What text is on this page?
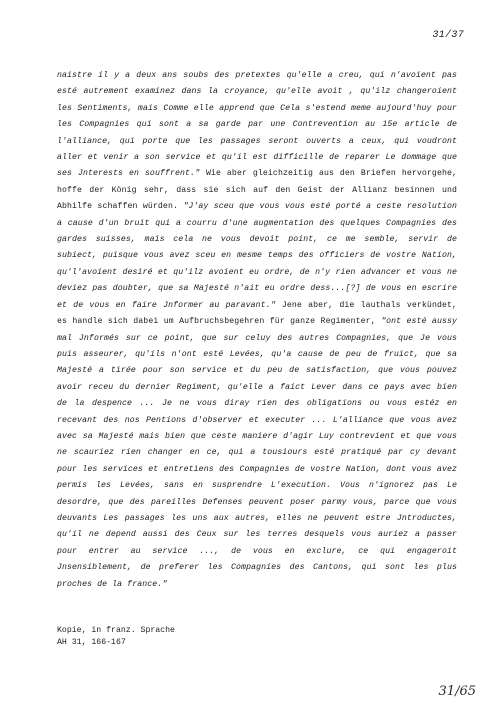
31/37
naistre il y a deux ans soubs des pretextes qu'elle a creu, qui n'avoient pas esté autrement examinez dans la croyance, qu'elle avoit , qu'ilz changeroient les Sentiments, mais Comme elle apprend que Cela s'estend meme aujourd'huy pour les Compagnies qui sont a sa garde par une Contrevention au 15e article de l'alliance, qui porte que les passages seront ouverts a ceux, qui voudront aller et venir a son service et qu'il est difficille de reparer Le dommage que ses Jnterests en souffrent." Wie aber gleichzeitig aus den Briefen hervorgehe, hoffe der König sehr, dass sie sich auf den Geist der Allianz besinnen und Abhilfe schaffen würden. "J'ay sceu que vous vous esté porté a ceste resolution a cause d'un bruit qui a courru d'une augmentation des quelques Compagnies des gardes suisses, mais cela ne vous devoit point, ce me semble, servir de subiect, puisque vous avez sceu en mesme temps des officiers de vostre Nation, qu'l'avoient desiré et qu'ilz avoient eu ordre, de n'y rien advancer et vous ne deviez pas doubter, que sa Majesté n'ait eu ordre dess...[?] de vous en escrire et de vous en faire Jnformer au paravant." Jene aber, die lauthals verkündet, es handle sich dabei um Aufbruchsbegehren für ganze Regimenter, "ont esté aussy mal Jnformés sur ce point, que sur celuy des autres Compagnies, que Je vous puis asseurer, qu'ils n'ont esté Levées, qu'a cause de peu de fruict, que sa Majesté a tirée pour son service et du peu de satisfaction, que vous pouvez avoir receu du dernier Regiment, qu'elle a faict Lever dans ce pays avec bien de la despence ... Je ne vous diray rien des obligations ou vous estéz en recevant des nos Pentions d'observer et executer ... L'alliance que vous avez avec sa Majesté mais bien que ceste maniere d'agir Luy contrevient et que vous ne scauriez rien changer en ce, qui a tousiours esté pratiqué par cy devant pour les services et entretiens des Compagnies de vostre Nation, dont vous avez permis les Levées, sans en susprendre L'execution. Vous n'ignorez pas Le desordre, que des pareilles Defenses peuvent poser parmy vous, parce que vous deuvants Les passages les uns aux autres, elles ne peuvent estre Jntroductes, qu'il ne depend aussi des Ceux sur les terres desquels vous auriez a passer pour entrer au service ..., de vous en exclure, ce qui engageroit Jnsensiblement, de preferer les Compagnies des Cantons, qui sont les plus proches de la france."
Kopie, in franz. Sprache
AH 31, 166-167
31/65
